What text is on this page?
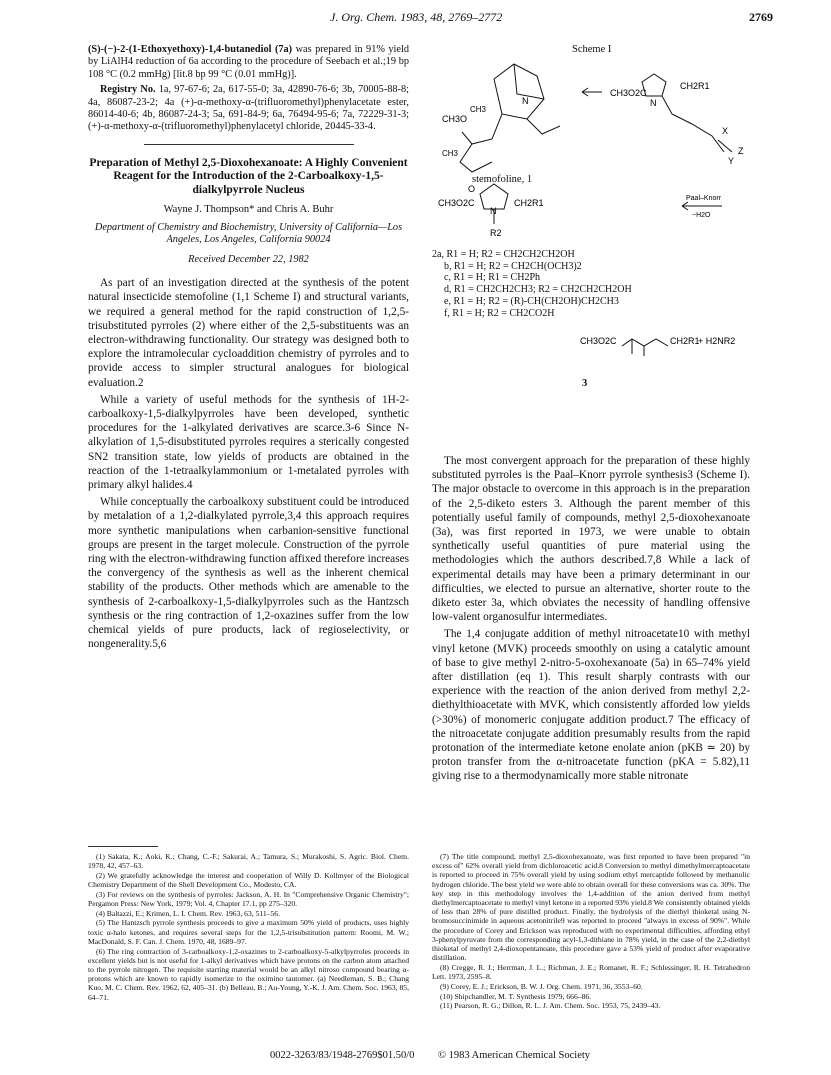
J. Org. Chem. 1983, 48, 2769–2772	2769

(S)-(−)-2-(1-Ethoxyethoxy)-1,4-butanediol (7a) was prepared in 91% yield by LiAlH4 reduction of 6a according to the procedure of Seebach et al.;19 bp 108 °C (0.2 mmHg) [lit.8 bp 99 °C (0.01 mmHg)].

Registry No. 1a, 97-67-6; 2a, 617-55-0; 3a, 42890-76-6; 3b, 70005-88-8; 4a, 86087-23-2; 4a (+)-α-methoxy-α-(trifluoromethyl)phenylacetate ester, 86014-40-6; 4b, 86087-24-3; 5a, 691-84-9; 6a, 76494-95-6; 7a, 72229-31-3; (+)-α-methoxy-α-(trifluoromethyl)phenylacetyl chloride, 20445-33-4.

Preparation of Methyl 2,5-Dioxohexanoate: A Highly Convenient Reagent for the Introduction of the 2-Carboalkoxy-1,5-dialkylpyrrole Nucleus
Wayne J. Thompson* and Chris A. Buhr
Department of Chemistry and Biochemistry, University of California—Los Angeles, Los Angeles, California 90024
Received December 22, 1982

As part of an investigation directed at the synthesis of the potent natural insecticide stemofoline (1,1 Scheme I) and structural variants, we required a general method for the rapid construction of 1,2,5-trisubstituted pyrroles (2) where either of the 2,5-substituents was an electron-withdrawing functionality. Our strategy was designed both to explore the intramolecular cycloaddition chemistry of pyrroles and to provide access to simpler structural analogues for biological evaluation.2

While a variety of useful methods for the synthesis of 1H-2-carboalkoxy-1,5-dialkylpyrroles have been developed, synthetic procedures for the 1-alkylated derivatives are scarce.3-6 Since N-alkylation of 1,5-disubstituted pyrroles requires a sterically congested SN2 transition state, low yields of products are obtained in the reaction of the 1-tetraalkylammonium or 1-metalated pyrroles with primary alkyl halides.4

While conceptually the carboalkoxy substituent could be introduced by metalation of a 1,2-dialkylated pyrrole,3,4 this approach requires more synthetic manipulations when carbanion-sensitive functional groups are present in the target molecule. Construction of the pyrrole ring with the electron-withdrawing function affixed therefore increases the convergency of the synthesis as well as the inherent chemical stability of the products. Other methods which are amenable to the synthesis of 2-carboalkoxy-1,5-dialkylpyrroles such as the Hantzsch synthesis or the ring contraction of 1,2-oxazines suffer from the low chemical yields of pure products, lack of regioselectivity, or nongenerality.5,6

Scheme I
CH3O
CH3
CH3
O
N
CH3O2C
N
CH2R1
X
Y
Z
CH3O2C
N
CH2R1
R2
Paal–Knorr
−H2O
CH3O2C	CH2R1
+ H2NR2
stemofoline, 1
2a, R1 = H; R2 = CH2CH2CH2OH
b, R1 = H; R2 = CH2CH(OCH3)2
c, R1 = H; R1 = CH2Ph
d, R1 = CH2CH2CH3; R2 = CH2CH2CH2OH
e, R1 = H; R2 = (R)-CH(CH2OH)CH2CH3
f, R1 = H; R2 = CH2CO2H
3

The most convergent approach for the preparation of these highly substituted pyrroles is the Paal–Knorr pyrrole synthesis3 (Scheme I). The major obstacle to overcome in this approach is in the preparation of the 2,5-diketo esters 3. Although the parent member of this potentially useful family of compounds, methyl 2,5-dioxohexanoate (3a), was first reported in 1973, we were unable to obtain synthetically useful quantities of pure material using the methodologies which the authors described.7,8 While a lack of experimental details may have been a primary determinant in our difficulties, we elected to pursue an alternative, shorter route to the diketo ester 3a, which obviates the necessity of handling offensive low-valent organosulfur intermediates.

The 1,4 conjugate addition of methyl nitroacetate10 with methyl vinyl ketone (MVK) proceeds smoothly on using a catalytic amount of base to give methyl 2-nitro-5-oxohexanoate (5a) in 65–74% yield after distillation (eq 1). This result sharply contrasts with our experience with the reaction of the anion derived from methyl 2,2-diethylthioacetate with MVK, which consistently afforded low yields (>30%) of monomeric conjugate addition product.7 The efficacy of the nitroacetate conjugate addition presumably results from the rapid protonation of the intermediate ketone enolate anion (pKB ≃ 20) by proton transfer from the α-nitroacetate function (pKA = 5.82),11 giving rise to a thermodynamically more stable nitronate

(1) Sakata, K.; Aoki, K.; Chang, C.-F.; Sakurai, A.; Tamura, S.; Murakoshi, S. Agric. Biol. Chem. 1978, 42, 457–63.
(2) We gratefully acknowledge the interest and cooperation of Willy D. Kollmyer of the Biological Chemistry Department of the Shell Development Co., Modesto, CA.
(3) For reviews on the synthesis of pyrroles: Jackson, A. H. In "Comprehensive Organic Chemistry"; Pergamon Press: New York, 1979; Vol. 4, Chapter 17.1, pp 275–320.
(4) Baltazzi, E.; Krimen, L. I. Chem. Rev. 1963, 63, 511–56.
(5) The Hantzsch pyrrole synthesis proceeds to give a maximum 50% yield of products, uses highly toxic α-halo ketones, and requires several steps for the 1,2,5-trisubstitution pattern: Roomi, M. W.; MacDonald, S. F. Can. J. Chem. 1970, 48, 1689–97.
(6) The ring contraction of 3-carboalkoxy-1,2-oxazines to 2-carboalkoxy-5-alkylpyrroles proceeds in excellent yields but is not useful for 1-alkyl derivatives which have protons on the carbon atom attached to the pyrrole nitrogen. The requisite starting material would be an alkyl nitroso compound bearing α-protons which are known to rapidly isomerize to the oximino tautomer. (a) Needleman, S. B.; Chang Kuo, M. C. Chem. Rev. 1962, 62, 405–31. (b) Belleau, B.; Au-Young, Y.-K. J. Am. Chem. Soc. 1963, 85, 64–71.
(7) The title compound, methyl 2,5-dioxohexanoate, was first reported to have been prepared "in excess of" 62% overall yield from dichloroacetic acid.8 Conversion to methyl dimethylmercaptoacetate is reported to proceed in 75% overall yield by using sodium ethyl mercaptide followed by methanolic hydrogen chloride. The best yield we were able to obtain overall for these conversions was ca. 30%. The key step in this methodology involves the 1,4-addition of the anion derived from methyl diethylmercaptoacetate to methyl vinyl ketone in a reported 93% yield.8 We consistently obtained yields of less than 28% of pure distilled product. Finally, the hydrolysis of the diethyl thioketal using N-bromosuccinimide in aqueous acetonitrile9 was reported to proceed "always in excess of 90%". While the procedure of Corey and Erickson was reproduced with no experimental difficulties, affording ethyl 3-phenylpyruvate from the corresponding acyl-1,3-dithiane in 78% yield, in the case of the 2,2-diethyl thioketal of methyl 2,4-dioxopentanoate, this procedure gave a 53% yield of product after evaporative distillation.
(8) Cregge, R. J.; Herrman, J. L.; Richman, J. E.; Romanet, R. F.; Schlessinger, R. H. Tetrahedron Lett. 1973, 2595–8.
(9) Corey, E. J.; Erickson, B. W. J. Org. Chem. 1971, 36, 3553–60.
(10) Shipchandler, M. T. Synthesis 1979, 666–86.
(11) Pearson, R. G.; Dillon, R. L. J. Am. Chem. Soc. 1953, 75, 2439–43.
0022-3263/83/1948-2769$01.50/0 © 1983 American Chemical Society
